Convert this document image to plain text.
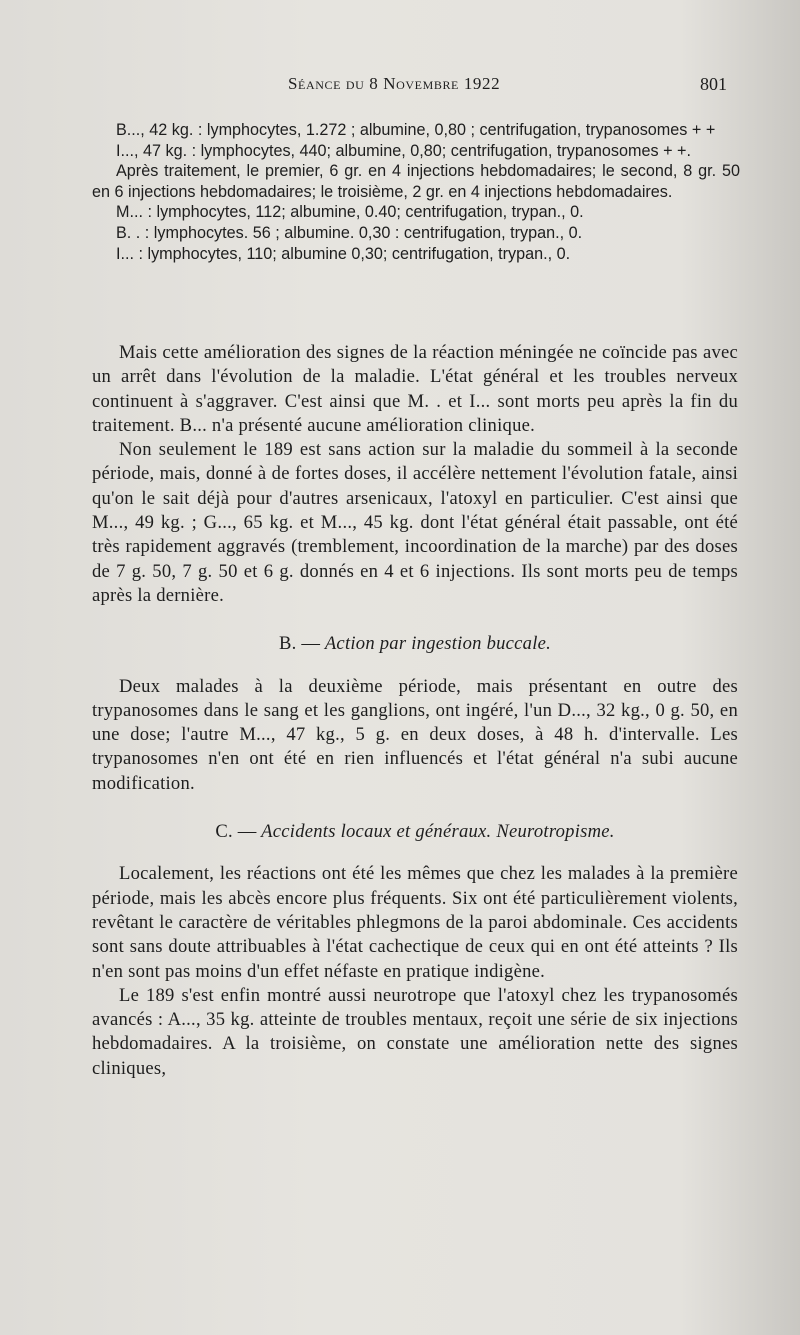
Séance du 8 Novembre 1922	801

B..., 42 kg. : lymphocytes, 1.272 ; albumine, 0,80 ; centrifugation, trypanosomes + +

I..., 47 kg. : lymphocytes, 440; albumine, 0,80; centrifugation, trypanosomes + +.

Après traitement, le premier, 6 gr. en 4 injections hebdomadaires; le second, 8 gr. 50 en 6 injections hebdomadaires; le troisième, 2 gr. en 4 injections hebdomadaires.

M... : lymphocytes, 112; albumine, 0.40; centrifugation, trypan., 0.

B. . : lymphocytes. 56 ; albumine. 0,30 : centrifugation, trypan., 0.

I... : lymphocytes, 110; albumine 0,30; centrifugation, trypan., 0.

Mais cette amélioration des signes de la réaction méningée ne coïncide pas avec un arrêt dans l'évolution de la maladie. L'état général et les troubles nerveux continuent à s'aggraver. C'est ainsi que M. . et I... sont morts peu après la fin du traitement. B... n'a présenté aucune amélioration clinique.

Non seulement le 189 est sans action sur la maladie du sommeil à la seconde période, mais, donné à de fortes doses, il accélère nettement l'évolution fatale, ainsi qu'on le sait déjà pour d'autres arsenicaux, l'atoxyl en particulier. C'est ainsi que M..., 49 kg. ; G..., 65 kg. et M..., 45 kg. dont l'état général était passable, ont été très rapidement aggravés (tremblement, incoordination de la marche) par des doses de 7 g. 50, 7 g. 50 et 6 g. donnés en 4 et 6 injections. Ils sont morts peu de temps après la dernière.

B. — Action par ingestion buccale.

Deux malades à la deuxième période, mais présentant en outre des trypanosomes dans le sang et les ganglions, ont ingéré, l'un D..., 32 kg., 0 g. 50, en une dose; l'autre M..., 47 kg., 5 g. en deux doses, à 48 h. d'intervalle. Les trypanosomes n'en ont été en rien influencés et l'état général n'a subi aucune modification.

C. — Accidents locaux et généraux. Neurotropisme.

Localement, les réactions ont été les mêmes que chez les malades à la première période, mais les abcès encore plus fréquents. Six ont été particulièrement violents, revêtant le caractère de véritables phlegmons de la paroi abdominale. Ces accidents sont sans doute attribuables à l'état cachectique de ceux qui en ont été atteints ? Ils n'en sont pas moins d'un effet néfaste en pratique indigène.

Le 189 s'est enfin montré aussi neurotrope que l'atoxyl chez les trypanosomés avancés : A..., 35 kg. atteinte de troubles mentaux, reçoit une série de six injections hebdomadaires. A la troisième, on constate une amélioration nette des signes cliniques,
